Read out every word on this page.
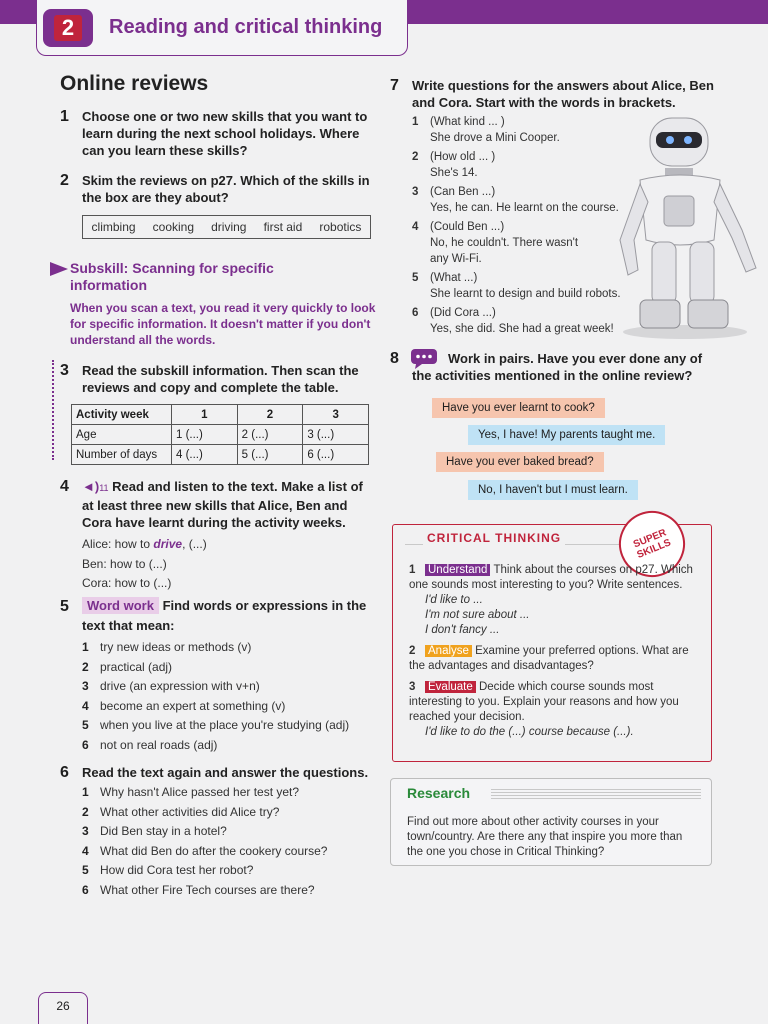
2	Reading and critical thinking
Online reviews
1	Choose one or two new skills that you want to learn during the next school holidays. Where can you learn these skills?
2	Skim the reviews on p27. Which of the skills in the box are they about?
climbing cooking driving first aid robotics
Subskill: Scanning for specific information
When you scan a text, you read it very quickly to look for specific information. It doesn't matter if you don't understand all the words.
3	Read the subskill information. Then scan the reviews and copy and complete the table.
Activity week	1	2	3
Age	1 (...)	2 (...)	3 (...)
Number of days	4 (...)	5 (...)	6 (...)
4	◄)11 Read and listen to the text. Make a list of at least three new skills that Alice, Ben and Cora have learnt during the activity weeks.
Alice: how to drive, (...)
Ben: how to (...)
Cora: how to (...)
5	Word work Find words or expressions in the text that mean:
1 try new ideas or methods (v)
2 practical (adj)
3 drive (an expression with v+n)
4 become an expert at something (v)
5 when you live at the place you're studying (adj)
6 not on real roads (adj)
6	Read the text again and answer the questions.
1 Why hasn't Alice passed her test yet?
2 What other activities did Alice try?
3 Did Ben stay in a hotel?
4 What did Ben do after the cookery course?
5 How did Cora test her robot?
6 What other Fire Tech courses are there?
7	Write questions for the answers about Alice, Ben and Cora. Start with the words in brackets.
1 (What kind ... )
She drove a Mini Cooper.
2 (How old ... )
She's 14.
3 (Can Ben ...)
Yes, he can. He learnt on the course.
4 (Could Ben ...)
No, he couldn't. There wasn't
any Wi-Fi.
5 (What ...)
She learnt to design and build robots.
6 (Did Cora ...)
Yes, she did. She had a great week!
8	Work in pairs. Have you ever done any of the activities mentioned in the online review?
Have you ever learnt to cook?
Yes, I have! My parents taught me.
Have you ever baked bread?
No, I haven't but I must learn.
CRITICAL THINKING	SUPER SKILLS
1 Understand Think about the courses on p27. Which one sounds most interesting to you? Write sentences.
I'd like to ...
I'm not sure about ...
I don't fancy ...
2 Analyse Examine your preferred options. What are the advantages and disadvantages?
3 Evaluate Decide which course sounds most interesting to you. Explain your reasons and how you reached your decision.
I'd like to do the (...) course because (...).
Research
Find out more about other activity courses in your town/country. Are there any that inspire you more than the one you chose in Critical Thinking?
26
